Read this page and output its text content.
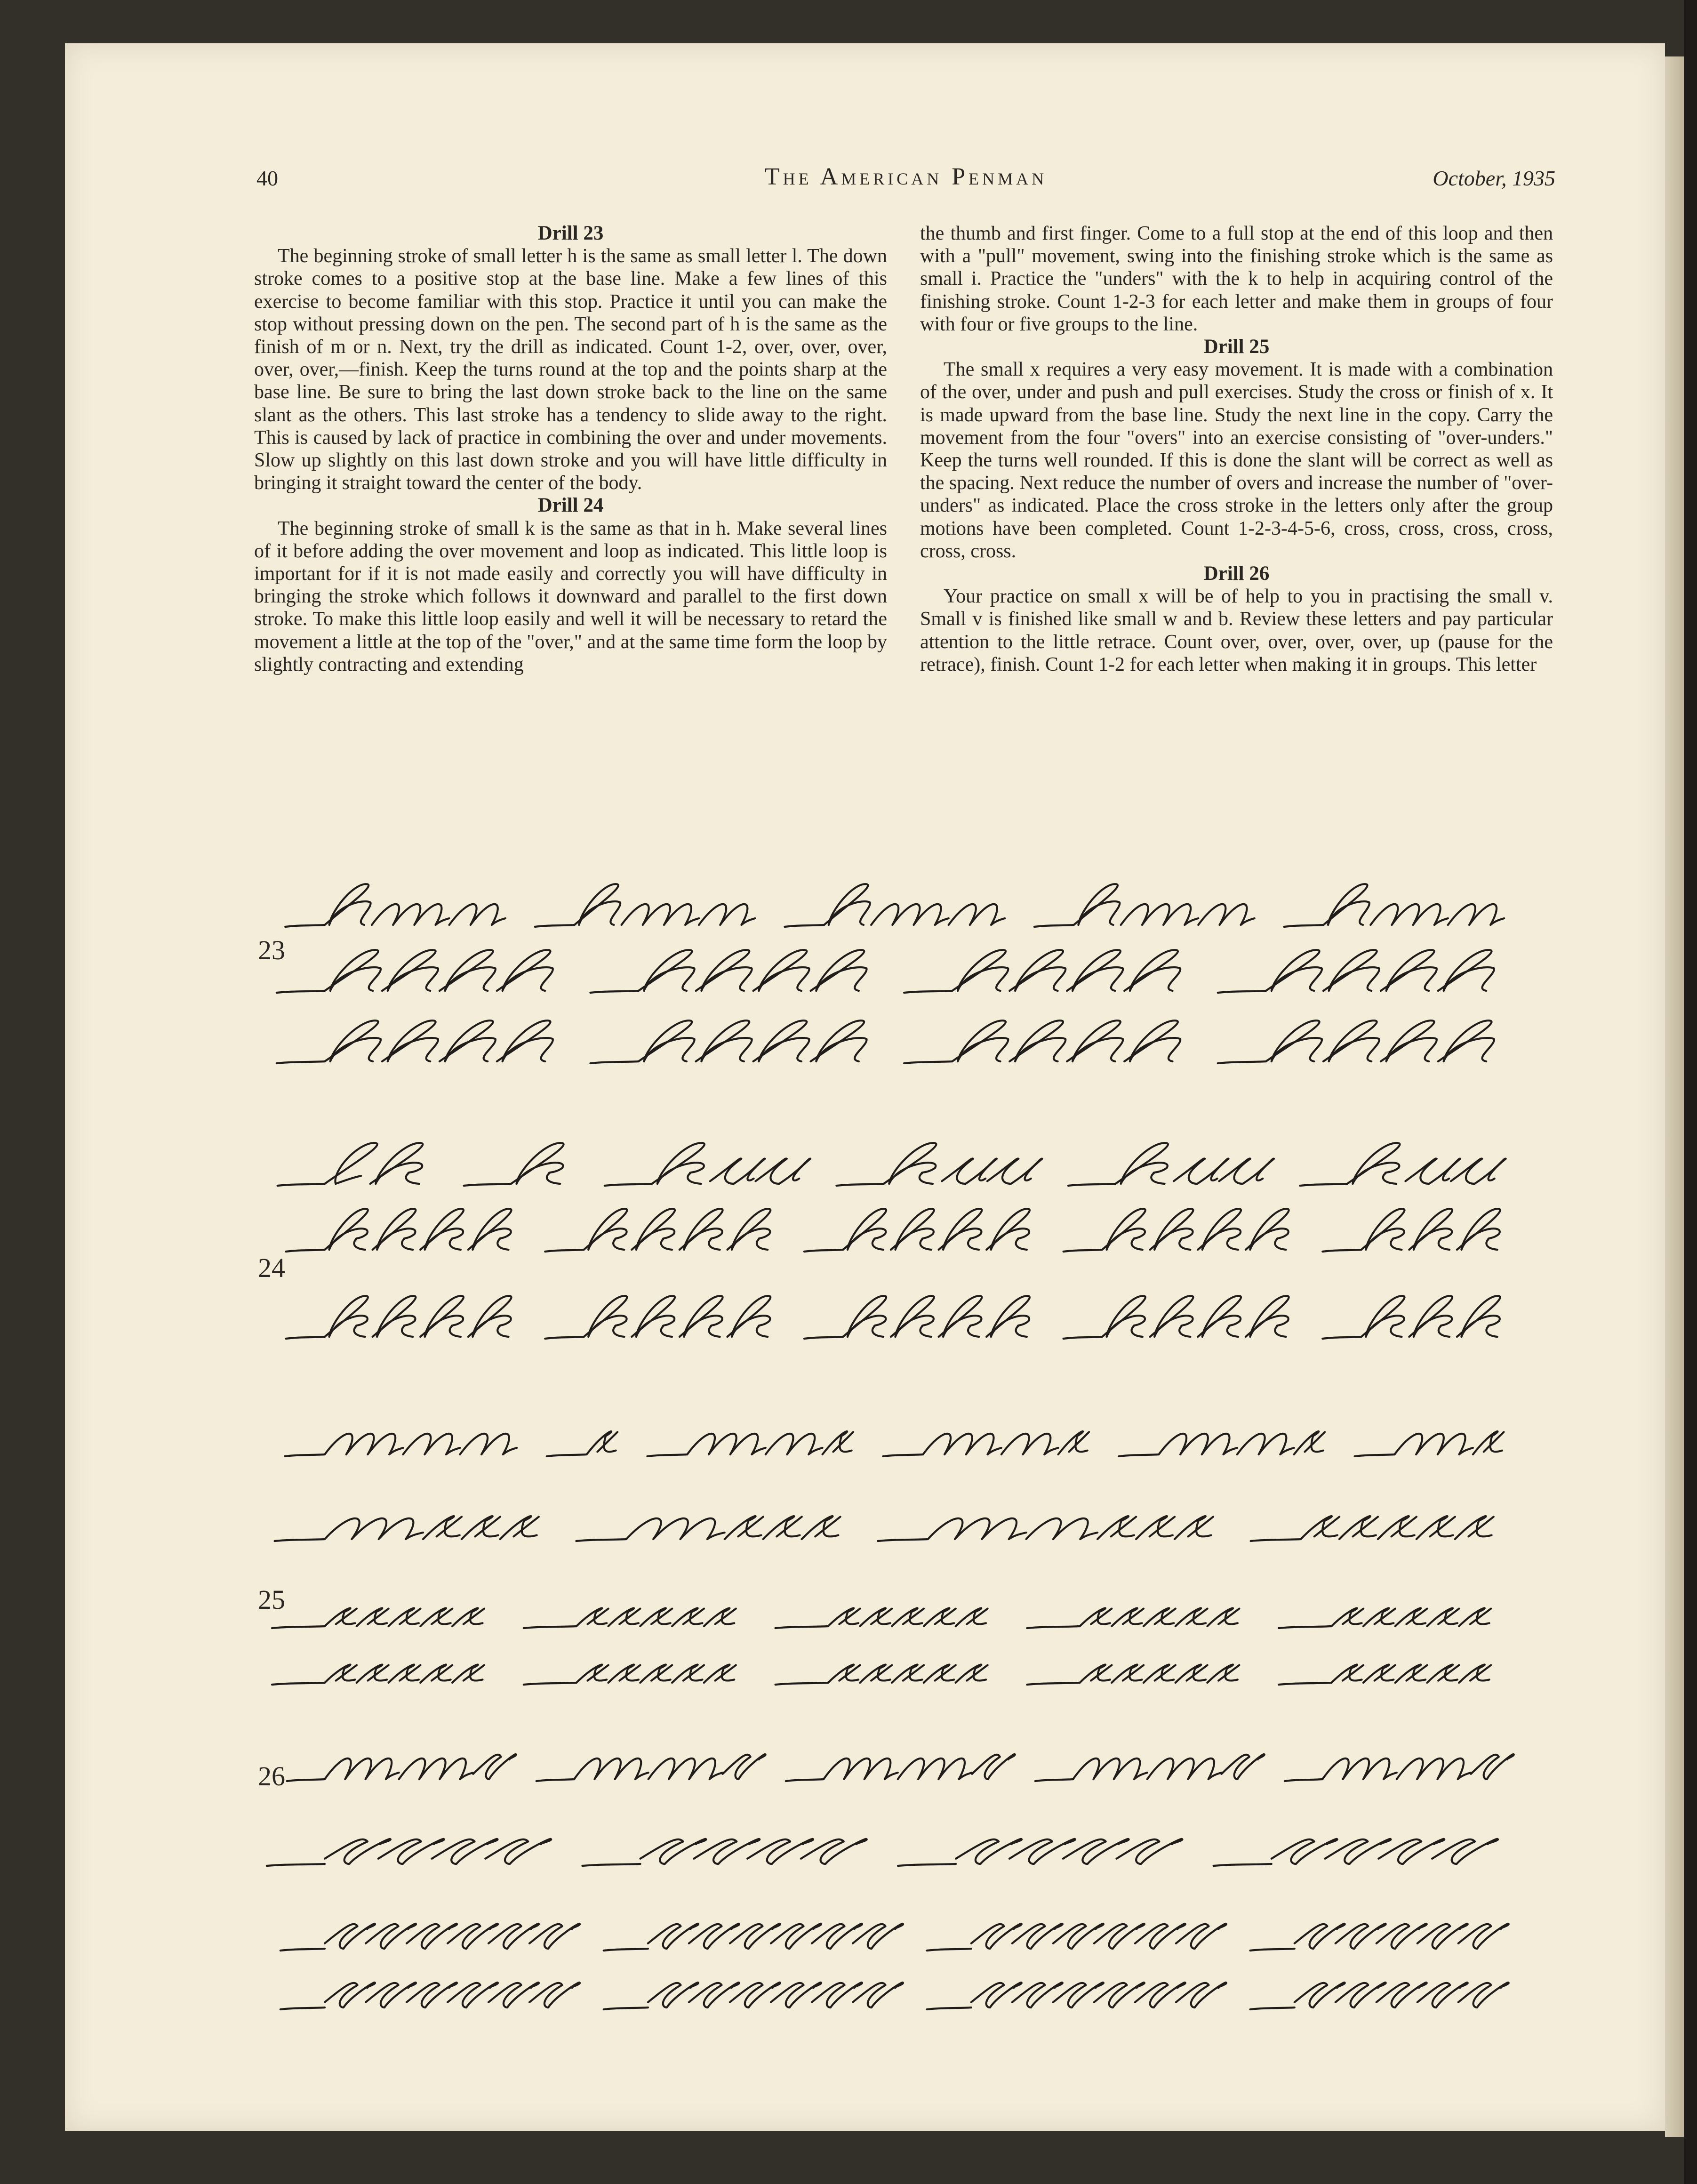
40	The American Penman	October, 1935
Drill 23

The beginning stroke of small letter h is the same as small letter l. The down stroke comes to a positive stop at the base line. Make a few lines of this exercise to become familiar with this stop. Practice it until you can make the stop without pressing down on the pen. The second part of h is the same as the finish of m or n. Next, try the drill as indicated. Count 1-2, over, over, over, over, over,—finish. Keep the turns round at the top and the points sharp at the base line. Be sure to bring the last down stroke back to the line on the same slant as the others. This last stroke has a tendency to slide away to the right. This is caused by lack of practice in combining the over and under movements. Slow up slightly on this last down stroke and you will have little difficulty in bringing it straight toward the center of the body.

Drill 24

The beginning stroke of small k is the same as that in h. Make several lines of it before adding the over movement and loop as indicated. This little loop is important for if it is not made easily and correctly you will have difficulty in bringing the stroke which follows it downward and parallel to the first down stroke. To make this little loop easily and well it will be necessary to retard the movement a little at the top of the "over," and at the same time form the loop by slightly contracting and extending

the thumb and first finger. Come to a full stop at the end of this loop and then with a "pull" movement, swing into the finishing stroke which is the same as small i. Practice the "unders" with the k to help in acquiring control of the finishing stroke. Count 1-2-3 for each letter and make them in groups of four with four or five groups to the line.

Drill 25

The small x requires a very easy movement. It is made with a combination of the over, under and push and pull exercises. Study the cross or finish of x. It is made upward from the base line. Study the next line in the copy. Carry the movement from the four "overs" into an exercise consisting of "over-unders." Keep the turns well rounded. If this is done the slant will be correct as well as the spacing. Next reduce the number of overs and increase the number of "over-unders" as indicated. Place the cross stroke in the letters only after the group motions have been completed. Count 1-2-3-4-5-6, cross, cross, cross, cross, cross, cross.

Drill 26

Your practice on small x will be of help to you in practising the small v. Small v is finished like small w and b. Review these letters and pay particular attention to the little retrace. Count over, over, over, over, up (pause for the retrace), finish. Count 1-2 for each letter when making it in groups. This letter

23
24
25
26
